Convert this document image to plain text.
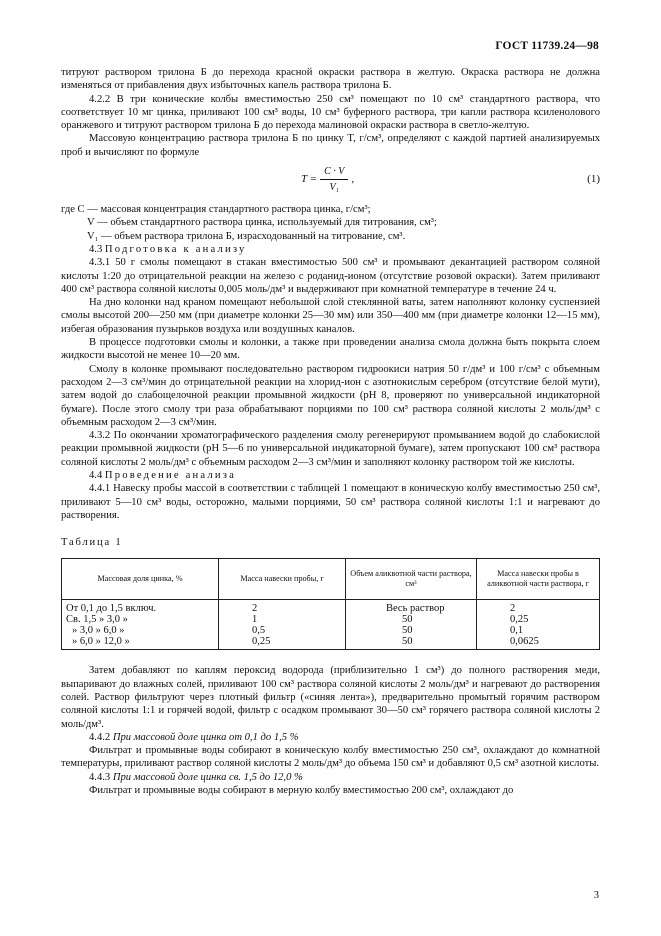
ГОСТ 11739.24—98

титруют раствором трилона Б до перехода красной окраски раствора в желтую. Окраска раствора не должна изменяться от прибавления двух избыточных капель раствора трилона Б.

4.2.2 В три конические колбы вместимостью 250 см³ помещают по 10 см³ стандартного раствора, что соответствует 10 мг цинка, приливают 100 см³ воды, 10 см³ буферного раствора, три капли раствора ксиленолового оранжевого и титруют раствором трилона Б до перехода малиновой окраски раствора в светло-желтую.

Массовую концентрацию раствора трилона Б по цинку T, г/см³, определяют с каждой партией анализируемых проб и вычисляют по формуле

$T = \frac{C \cdot V}{\text{V₁}}$ ,	(1)
где C — массовая концентрация стандартного раствора цинка, г/см³;
V — объем стандартного раствора цинка, используемый для титрования, см³;
V₁ — объем раствора трилона Б, израсходованный на титрование, см³.

4.3 Подготовка к анализу

4.3.1 50 г смолы помещают в стакан вместимостью 500 см³ и промывают декантацией раствором соляной кислоты 1:20 до отрицательной реакции на железо с роданид-ионом (отсутствие розовой окраски). Затем приливают 400 см³ раствора соляной кислоты 0,005 моль/дм³ и выдерживают при комнатной температуре в течение 24 ч.

На дно колонки над краном помещают небольшой слой стеклянной ваты, затем наполняют колонку суспензией смолы высотой 200—250 мм (при диаметре колонки 25—30 мм) или 350—400 мм (при диаметре колонки 12—15 мм), избегая образования пузырьков воздуха или воздушных каналов.

В процессе подготовки смолы и колонки, а также при проведении анализа смола должна быть покрыта слоем жидкости высотой не менее 10—20 мм.

Смолу в колонке промывают последовательно раствором гидроокиси натрия 50 г/дм³ и 100 г/см³ с объемным расходом 2—3 см³/мин до отрицательной реакции на хлорид-ион с азотнокислым серебром (отсутствие белой мути), затем водой до слабощелочной реакции промывной жидкости (pH 8, проверяют по универсальной индикаторной бумаге). После этого смолу три раза обрабатывают порциями по 100 см³ раствора соляной кислоты 2 моль/дм³ с объемным расходом 2—3 см³/мин.

4.3.2 По окончании хроматографического разделения смолу регенерируют промыванием водой до слабокислой реакции промывной жидкости (pH 5—6 по универсальной индикаторной бумаге), затем пропускают 100 см³ раствора соляной кислоты 2 моль/дм³ с объемным расходом 2—3 см³/мин и заполняют колонку раствором той же кислоты.

4.4 Проведение анализа

4.4.1 Навеску пробы массой в соответствии с таблицей 1 помещают в коническую колбу вместимостью 250 см³, приливают 5—10 см³ воды, осторожно, малыми порциями, 50 см³ раствора соляной кислоты 1:1 и нагревают до растворения.

Таблица 1
Массовая доля цинка, %	Масса навески пробы, г	Объем аликвотной части раствора, см³	Масса навески пробы в аликвотной части раствора, г
От 0,1 до 1,5 включ.	2	Весь раствор	2
Св. 1,5 » 3,0 »	1	50	0,25
» 3,0 » 6,0 »	0,5	50	0,1
» 6,0 » 12,0 »	0,25	50	0,0625

Затем добавляют по каплям пероксид водорода (приблизительно 1 см³) до полного растворения меди, выпаривают до влажных солей, приливают 100 см³ раствора соляной кислоты 2 моль/дм³ и нагревают до растворения солей. Раствор фильтруют через плотный фильтр («синяя лента»), предварительно промытый горячим раствором соляной кислоты 1:1 и горячей водой, фильтр с осадком промывают 30—50 см³ горячего раствора соляной кислоты 2 моль/дм³.

4.4.2 При массовой доле цинка от 0,1 до 1,5 %

Фильтрат и промывные воды собирают в коническую колбу вместимостью 250 см³, охлаждают до комнатной температуры, приливают раствор соляной кислоты 2 моль/дм³ до объема 150 см³ и добавляют 0,5 см³ азотной кислоты.

4.4.3 При массовой доле цинка св. 1,5 до 12,0 %

Фильтрат и промывные воды собирают в мерную колбу вместимостью 200 см³, охлаждают до

3
